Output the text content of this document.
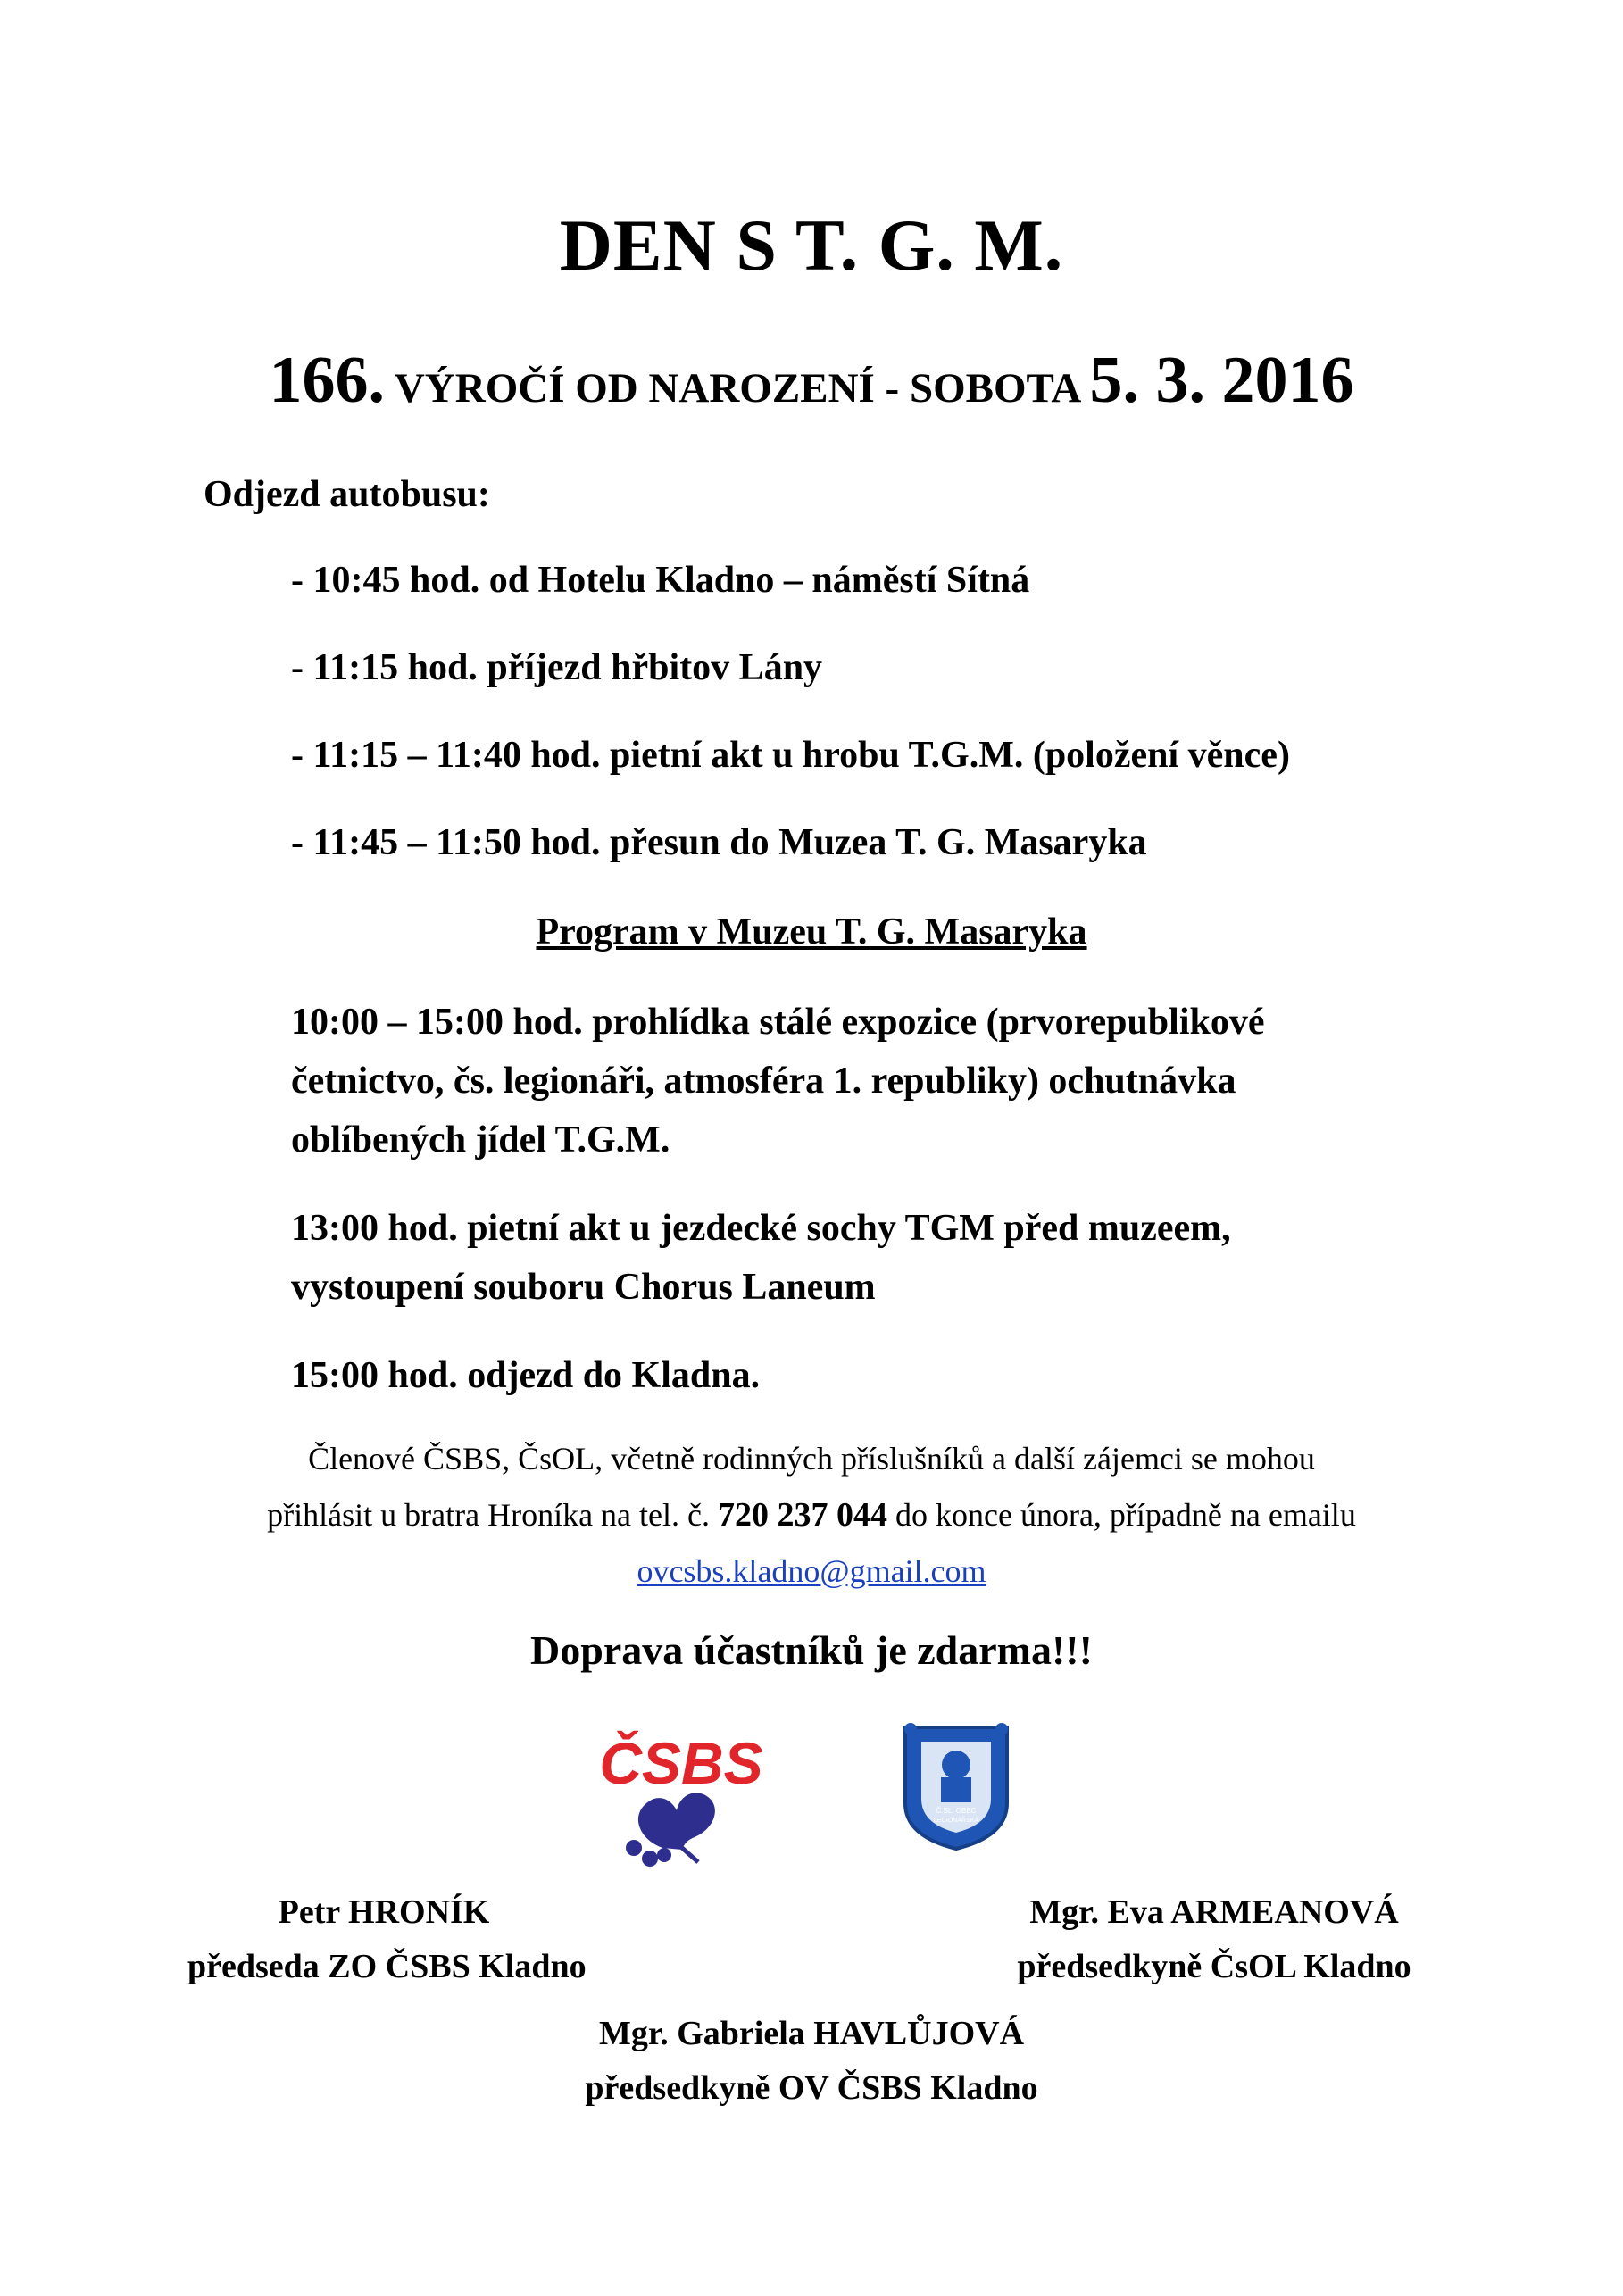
DEN S T. G. M.
166. VÝROČÍ OD NAROZENÍ - SOBOTA 5. 3. 2016
Odjezd autobusu:
- 10:45 hod. od Hotelu Kladno – náměstí Sítná
- 11:15 hod. příjezd hřbitov Lány
- 11:15 – 11:40 hod. pietní akt u hrobu T.G.M. (položení věnce)
- 11:45 – 11:50 hod. přesun do Muzea T. G. Masaryka
Program v Muzeu T. G. Masaryka
10:00 – 15:00 hod. prohlídka stálé expozice (prvorepublikové
četnictvo, čs. legionáři, atmosféra 1. republiky) ochutnávka
oblíbených jídel T.G.M.
13:00 hod. pietní akt u jezdecké sochy TGM před muzeem,
vystoupení souboru Chorus Laneum
15:00 hod. odjezd do Kladna.
Členové ČSBS, ČsOL, včetně rodinných příslušníků a další zájemci se mohou
přihlásit u bratra Hroníka na tel. č. 720 237 044 do konce února, případně na emailu
ovcsbs.kladno@gmail.com
Doprava účastníků je zdarma!!!
ČSBS
Č.SL. OBEC
LEGIONÁŘSKÁ
Petr HRONÍK
předseda ZO ČSBS Kladno
Mgr. Eva ARMEANOVÁ
předsedkyně ČsOL Kladno
Mgr. Gabriela HAVLŮJOVÁ
předsedkyně OV ČSBS Kladno
